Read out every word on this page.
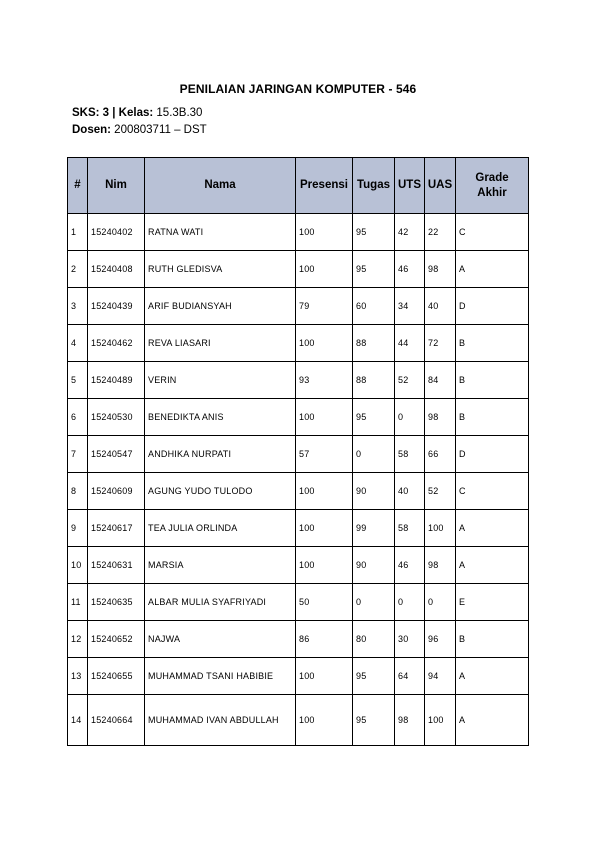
PENILAIAN JARINGAN KOMPUTER - 546
SKS: 3 | Kelas: 15.3B.30
Dosen: 200803711 – DST
#	Nim	Nama	Presensi	Tugas	UTS	UAS	Grade
Akhir
1	15240402	RATNA WATI	100	95	42	22	C
2	15240408	RUTH GLEDISVA	100	95	46	98	A
3	15240439	ARIF BUDIANSYAH	79	60	34	40	D
4	15240462	REVA LIASARI	100	88	44	72	B
5	15240489	VERIN	93	88	52	84	B
6	15240530	BENEDIKTA ANIS	100	95	0	98	B
7	15240547	ANDHIKA NURPATI	57	0	58	66	D
8	15240609	AGUNG YUDO TULODO	100	90	40	52	C
9	15240617	TEA JULIA ORLINDA	100	99	58	100	A
10	15240631	MARSIA	100	90	46	98	A
11	15240635	ALBAR MULIA SYAFRIYADI	50	0	0	0	E
12	15240652	NAJWA	86	80	30	96	B
13	15240655	MUHAMMAD TSANI HABIBIE	100	95	64	94	A
14	15240664	MUHAMMAD IVAN ABDULLAH	100	95	98	100	A
